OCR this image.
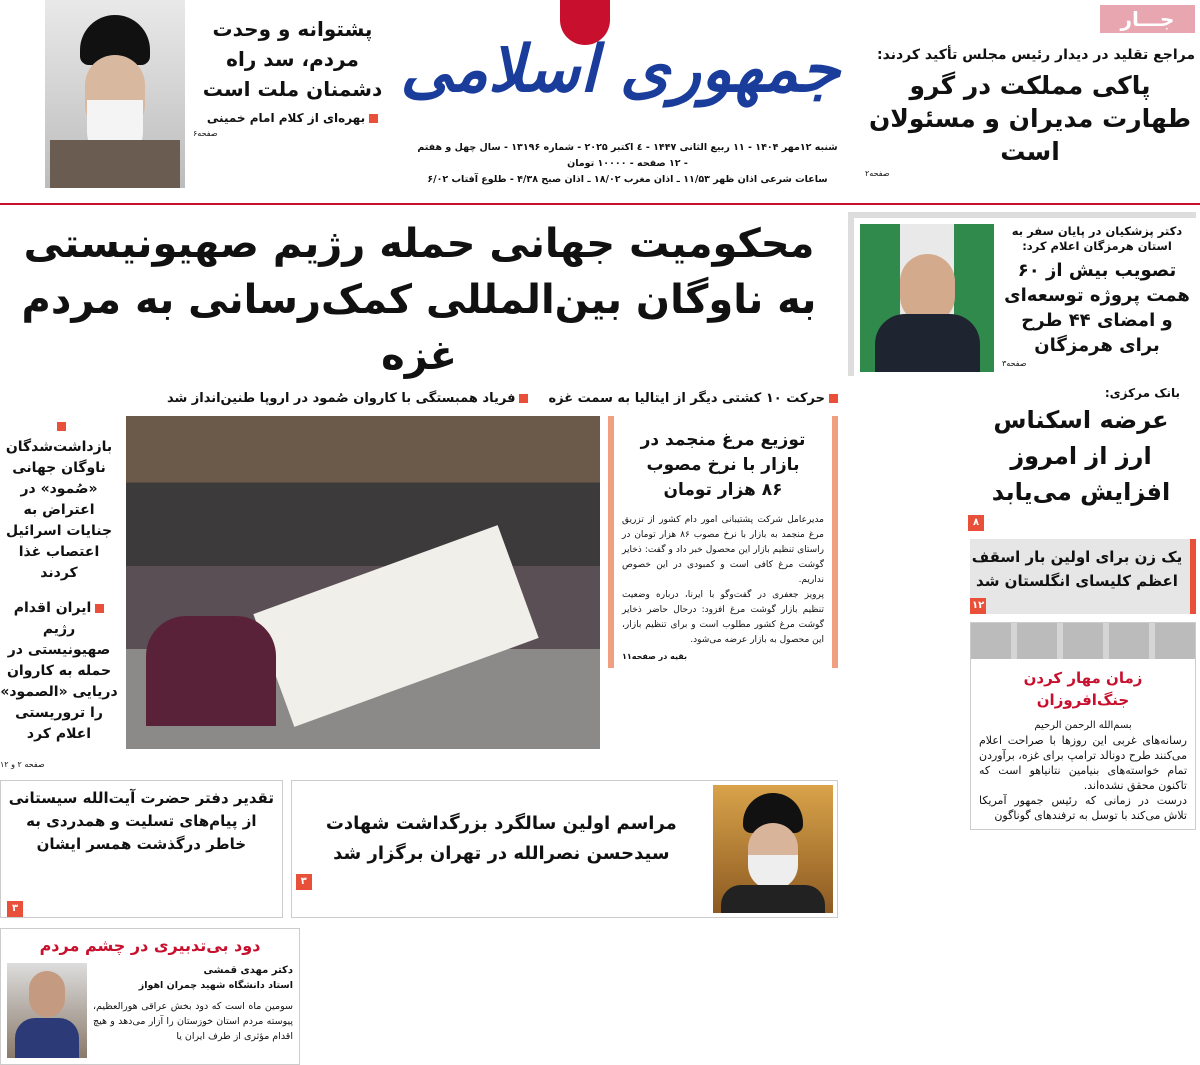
جـــار
مراجع تقلید در دیدار رئیس مجلس تأکید کردند:
پاکی مملکت در گرو طهارت مدیران و مسئولان است
صفحه۲
جمهوری اسلامی
شنبه ۱۲مهر ۱۴۰۴ - ۱۱ ربیع الثانی ۱۴۴۷ - ٤ اکتبر ۲۰۲۵ - شماره ۱۳۱۹۶ - سال چهل و هفتم - ۱۲ صفحه - ۱۰۰۰۰ تومان
ساعات شرعی اذان ظهر ۱۱/۵۳ ـ اذان مغرب ۱۸/۰۲ ـ اذان صبح ۴/۳۸ - طلوع آفتاب ۶/۰۲
پشتوانه و وحدت مردم، سد راه دشمنان ملت است
بهره‌ای از کلام امام خمینی
صفحه۶
دکتر پزشکیان در پایان سفر به استان هرمزگان اعلام کرد:
تصویب بیش از ۶۰ همت پروژه توسعه‌ای و امضای ۴۴ طرح برای هرمزگان
صفحه۳
بانک مرکزی:
عرضه اسکناس ارز از امروز افزایش می‌یابد
۸
یک زن برای اولین بار اسقف اعظم کلیسای انگلستان شد
۱۲
زمان مهار کردن جنگ‌افروزان
بسم‌الله الرحمن الرحیم
رسانه‌های غربی این روزها با صراحت اعلام می‌کنند طرح دونالد ترامپ برای غزه، برآوردن تمام خواسته‌های بنیامین نتانیاهو است که تاکنون محقق نشده‌اند.
درست در زمانی که رئیس جمهور آمریکا تلاش می‌کند با توسل به ترفندهای گوناگون
محکومیت جهانی حمله رژیم صهیونیستی
به ناوگان بین‌المللی کمک‌رسانی به مردم غزه
حرکت ۱۰ کشتی دیگر از ایتالیا به سمت غزه
فریاد همبستگی با کاروان صُمود در اروپا طنین‌انداز شد
توزیع مرغ منجمد در بازار با نرخ مصوب ۸۶ هزار تومان
مدیرعامل شرکت پشتیبانی امور دام کشور از تزریق مرغ منجمد به بازار با نرخ مصوب ۸۶ هزار تومان در راستای تنظیم بازار این محصول خبر داد و گفت: ذخایر گوشت مرغ کافی است و کمبودی در این خصوص نداریم.
پرویز جعفری در گفت‌وگو با ایرنا، درباره وضعیت تنظیم بازار گوشت مرغ افزود: درحال حاضر ذخایر گوشت مرغ کشور مطلوب است و برای تنظیم بازار، این محصول به بازار عرضه می‌شود.
بقیه در صفحه۱۱
بازداشت‌شدگان ناوگان جهانی «صُمود» در اعتراض به جنایات اسرائیل اعتصاب غذا کردند
ایران اقدام رژیم صهیونیستی در حمله به کاروان دریایی «الصمود» را تروریستی اعلام کرد
صفحه ۲ و ۱۲
مراسم اولین سالگرد بزرگداشت شهادت سیدحسن نصرالله در تهران برگزار شد
۳
تقدیر دفتر حضرت آیت‌الله سیستانی از پیام‌های تسلیت و همدردی به خاطر درگذشت همسر ایشان
۳
دود بی‌تدبیری در چشم مردم
دکتر مهدی قمشی
استاد دانشگاه شهید چمران اهواز
سومین ماه است که دود بخش عراقی هورالعظیم، پیوسته مردم استان خوزستان را آزار می‌دهد و هیچ اقدام مؤثری از طرف ایران یا
